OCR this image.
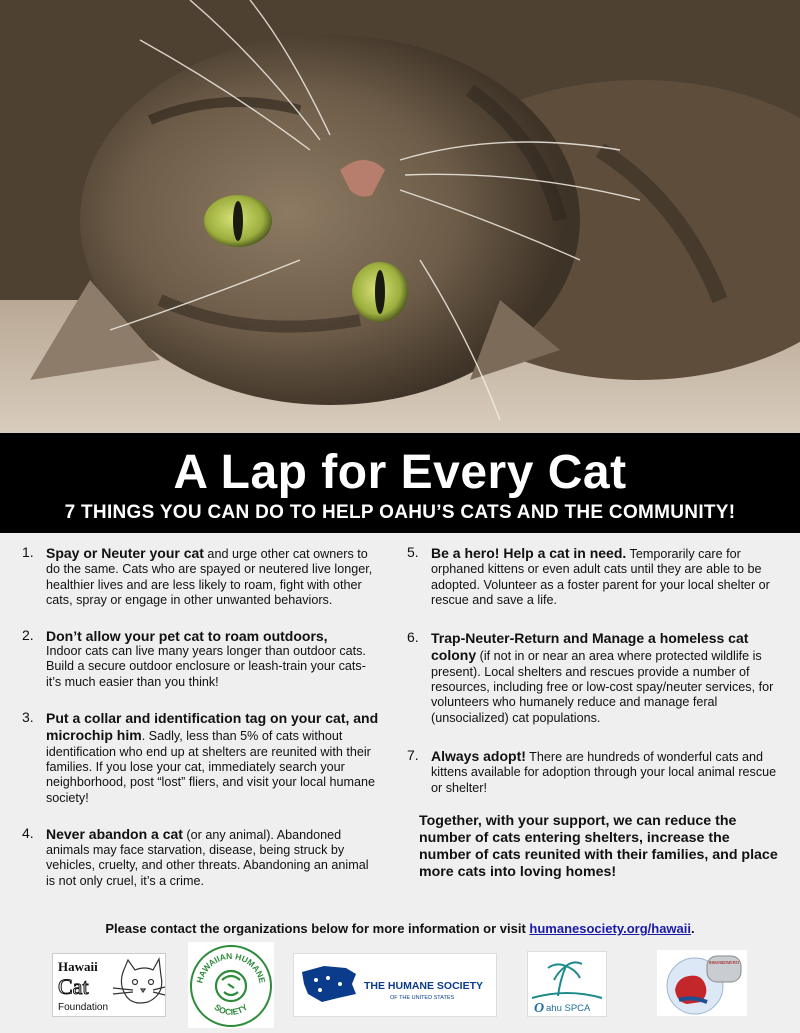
A Lap for Every Cat
7 THINGS YOU CAN DO TO HELP OAHU’S CATS AND THE COMMUNITY!
1. Spay or Neuter your cat and urge other cat owners to do the same. Cats who are spayed or neutered live longer, healthier lives and are less likely to roam, fight with other cats, spray or engage in other unwanted behaviors.
2. Don’t allow your pet cat to roam outdoors,
Indoor cats can live many years longer than outdoor cats. Build a secure outdoor enclosure or leash-train your cats- it’s much easier than you think!
3. Put a collar and identification tag on your cat, and microchip him. Sadly, less than 5% of cats without identification who end up at shelters are reunited with their families. If you lose your cat, immediately search your neighborhood, post “lost” fliers, and visit your local humane society!
4. Never abandon a cat (or any animal). Abandoned animals may face starvation, disease, being struck by vehicles, cruelty, and other threats. Abandoning an animal is not only cruel, it’s a crime.
5. Be a hero! Help a cat in need. Temporarily care for orphaned kittens or even adult cats until they are able to be adopted. Volunteer as a foster parent for your local shelter or rescue and save a life.
6. Trap-Neuter-Return and Manage a homeless cat colony (if not in or near an area where protected wildlife is present). Local shelters and rescues provide a number of resources, including free or low-cost spay/neuter services, for volunteers who humanely reduce and manage feral (unsocialized) cat populations.
7. Always adopt! There are hundreds of wonderful cats and kittens available for adoption through your local animal rescue or shelter!
Together, with your support, we can reduce the number of cats entering shelters, increase the number of cats reunited with their families, and place more cats into loving homes!
Please contact the organizations below for more information or visit humanesociety.org/hawaii.
Hawaii
Cat
Foundation
HAWAIIAN HUMANE
SOCIETY
THE HUMANE SOCIETY
OF THE UNITED STATES
O ahu SPCA
HAWAII MILITARY PETS
